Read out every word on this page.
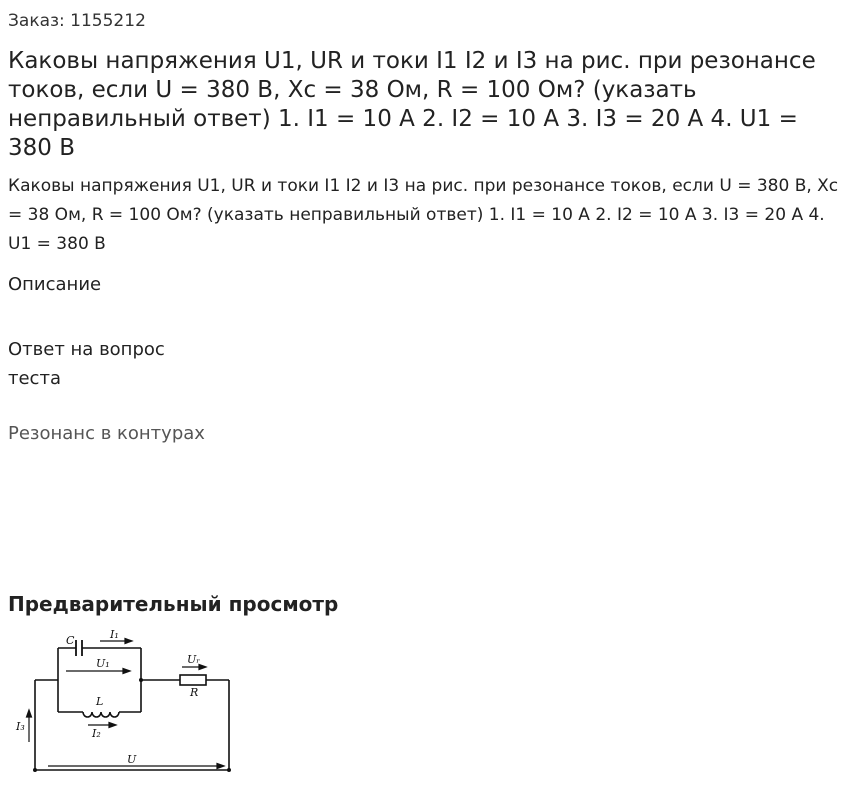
Заказ: 1155212
Каковы напряжения U1, UR и токи I1 I2 и I3 на рис. при резонансе токов, если U = 380 В, Xc = 38 Ом, R = 100 Ом? (указать неправильный ответ) 1. I1 = 10 А 2. I2 = 10 А 3. I3 = 20 А 4. U1 = 380 В

Каковы напряжения U1, UR и токи I1 I2 и I3 на рис. при резонансе токов, если U = 380 В, Xc = 38 Ом, R = 100 Ом? (указать неправильный ответ) 1. I1 = 10 А 2. I2 = 10 А 3. I3 = 20 А 4. U1 = 380 В

Описание
Ответ на вопрос теста
Резонанс в контурах
Предварительный просмотр
C	I₁
U₁	Uᵣ
R
L
I₂
I₃
U
